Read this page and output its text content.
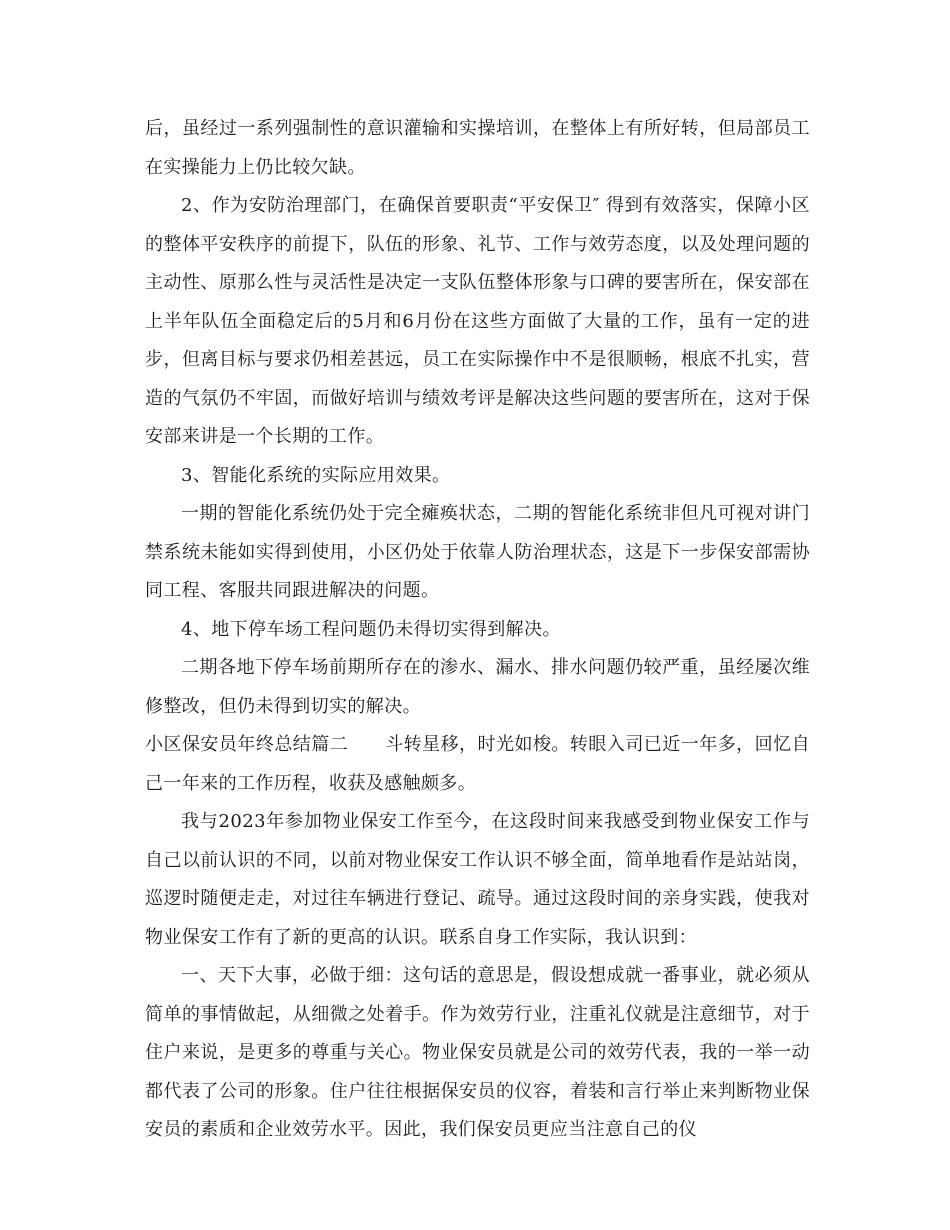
后，虽经过一系列强制性的意识灌输和实操培训，在整体上有所好转，但局部员工在实操能力上仍比较欠缺。

2、作为安防治理部门，在确保首要职责“平安保卫″ 得到有效落实，保障小区的整体平安秩序的前提下，队伍的形象、礼节、工作与效劳态度，以及处理问题的主动性、原那么性与灵活性是决定一支队伍整体形象与口碑的要害所在，保安部在上半年队伍全面稳定后的5月和6月份在这些方面做了大量的工作，虽有一定的进步，但离目标与要求仍相差甚远，员工在实际操作中不是很顺畅，根底不扎实，营造的气氛仍不牢固，而做好培训与绩效考评是解决这些问题的要害所在，这对于保安部来讲是一个长期的工作。

3、智能化系统的实际应用效果。

一期的智能化系统仍处于完全瘫痪状态，二期的智能化系统非但凡可视对讲门禁系统未能如实得到使用，小区仍处于依靠人防治理状态，这是下一步保安部需协同工程、客服共同跟进解决的问题。

4、地下停车场工程问题仍未得切实得到解决。

二期各地下停车场前期所存在的渗水、漏水、排水问题仍较严重，虽经屡次维修整改，但仍未得到切实的解决。

小区保安员年终总结篇二　　斗转星移，时光如梭。转眼入司已近一年多，回忆自己一年来的工作历程，收获及感触颇多。

我与2023年参加物业保安工作至今，在这段时间来我感受到物业保安工作与自己以前认识的不同，以前对物业保安工作认识不够全面，简单地看作是站站岗，巡逻时随便走走，对过往车辆进行登记、疏导。通过这段时间的亲身实践，使我对物业保安工作有了新的更高的认识。联系自身工作实际，我认识到：

一、天下大事，必做于细：这句话的意思是，假设想成就一番事业，就必须从简单的事情做起，从细微之处着手。作为效劳行业，注重礼仪就是注意细节，对于住户来说，是更多的尊重与关心。物业保安员就是公司的效劳代表，我的一举一动都代表了公司的形象。住户往往根据保安员的仪容，着装和言行举止来判断物业保安员的素质和企业效劳水平。因此，我们保安员更应当注意自己的仪
